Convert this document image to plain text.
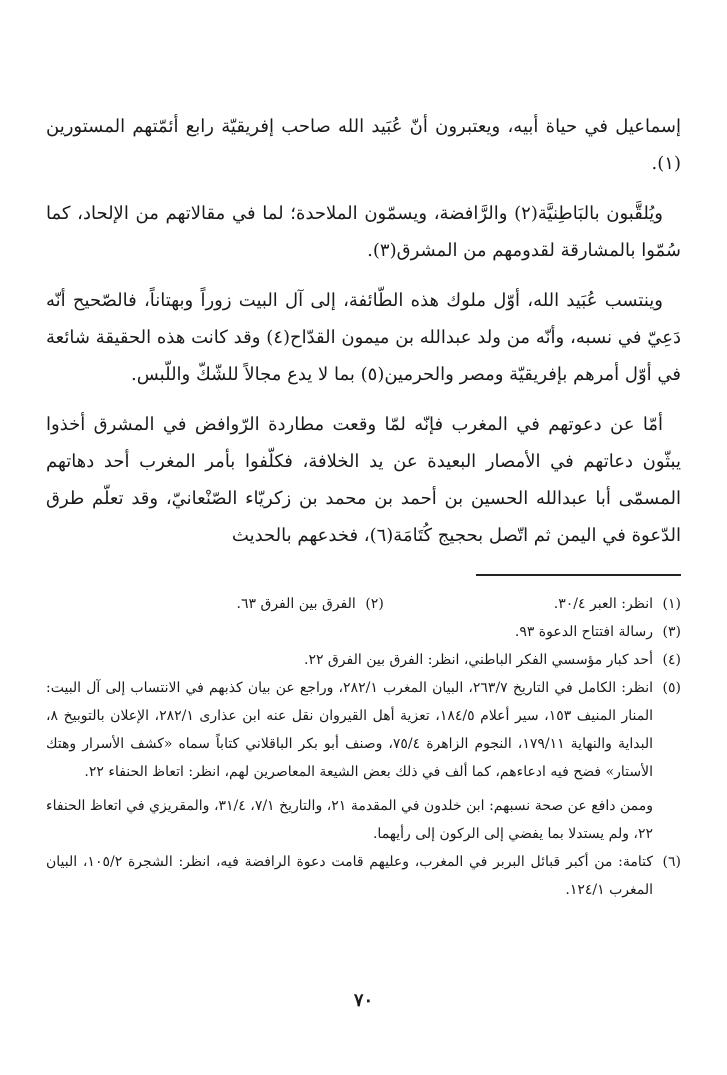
إسماعيل في حياة أبيه، ويعتبرون أنّ عُبَيد الله صاحب إفريقيّة رابع أئمّتهم المستورين (١).

ويُلقَّبون بالبَاطِنيَّة(٢) والرَّافضة، ويسمّون الملاحدة؛ لما في مقالاتهم من الإلحاد، كما سُمّوا بالمشارقة لقدومهم من المشرق(٣).

وينتسب عُبَيد الله، أوّل ملوك هذه الطّائفة، إلى آل البيت زوراً وبهتاناً، فالصّحيح أنّه دَعِيّ في نسبه، وأنّه من ولد عبدالله بن ميمون القدّاح(٤) وقد كانت هذه الحقيقة شائعة في أوّل أمرهم بإفريقيّة ومصر والحرمين(٥) بما لا يدع مجالاً للشّكّ واللّبس.

أمّا عن دعوتهم في المغرب فإنّه لمّا وقعت مطاردة الرّوافض في المشرق أخذوا يبثّون دعاتهم في الأمصار البعيدة عن يد الخلافة، فكلّفوا بأمر المغرب أحد دهاتهم المسمّى أبا عبدالله الحسين بن أحمد بن محمد بن زكريّاء الصّنْعانيّ، وقد تعلّم طرق الدّعوة في اليمن ثم اتّصل بحجيج كُتَامَة(٦)، فخدعهم بالحديث

(١)
انظر: العبر ٣٠/٤.
(٢)
الفرق بين الفرق ٦٣.
(٣)
رسالة افتتاح الدعوة ٩٣.
(٤)
أحد كبار مؤسسي الفكر الباطني، انظر: الفرق بين الفرق ٢٢.
(٥)
انظر: الكامل في التاريخ ٢٦٣/٧، البيان المغرب ٢٨٢/١، وراجع عن بيان كذبهم في الانتساب إلى آل البيت: المنار المنيف ١٥٣، سير أعلام ١٨٤/٥، تعزية أهل القيروان نقل عنه ابن عذارى ٢٨٢/١، الإعلان بالتوبيخ ٨، البداية والنهاية ١٧٩/١١، النجوم الزاهرة ٧٥/٤، وصنف أبو بكر الباقلاني كتاباً سماه «كشف الأسرار وهتك الأستار» فضح فيه ادعاءهم، كما ألف في ذلك بعض الشيعة المعاصرين لهم، انظر: اتعاظ الحنفاء ٢٢.

وممن دافع عن صحة نسبهم: ابن خلدون في المقدمة ٢١، والتاريخ ٧/١، ٣١/٤، والمقريزي في اتعاظ الحنفاء ٢٢، ولم يستدلا بما يفضي إلى الركون إلى رأيهما.

(٦)
كتامة: من أكبر قبائل البربر في المغرب، وعليهم قامت دعوة الرافضة فيه، انظر: الشجرة ١٠٥/٢، البيان المغرب ١٢٤/١.
٧٠
